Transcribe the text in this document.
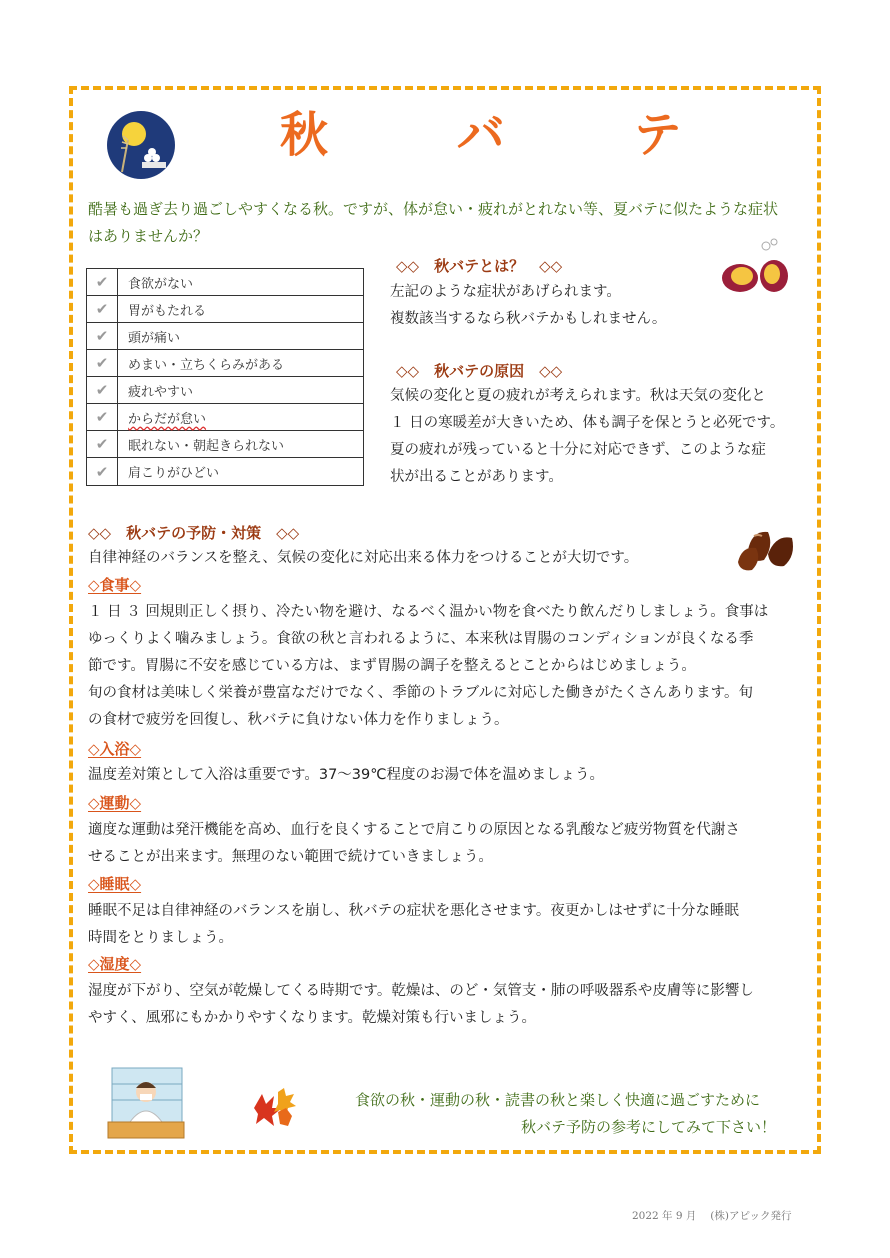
秋 バ テ
酷暑も過ぎ去り過ごしやすくなる秋。ですが、体が怠い・疲れがとれない等、夏バテに似たような症状
はありませんか？
✔	食欲がない
✔	胃がもたれる
✔	頭が痛い
✔	めまい・立ちくらみがある
✔	疲れやすい
✔	からだが怠い
✔	眠れない・朝起きられない
✔	肩こりがひどい
◇◇　秋バテとは？　◇◇
左記のような症状があげられます。
複数該当するなら秋バテかもしれません。
◇◇　秋バテの原因　◇◇
気候の変化と夏の疲れが考えられます。秋は天気の変化と
１ 日の寒暖差が大きいため、体も調子を保とうと必死です。
夏の疲れが残っていると十分に対応できず、このような症
状が出ることがあります。
◇◇　秋バテの予防・対策　◇◇
自律神経のバランスを整え、気候の変化に対応出来る体力をつけることが大切です。
◇食事◇
１ 日 ３ 回規則正しく摂り、冷たい物を避け、なるべく温かい物を食べたり飲んだりしましょう。食事は
ゆっくりよく噛みましょう。食欲の秋と言われるように、本来秋は胃腸のコンディションが良くなる季
節です。胃腸に不安を感じている方は、まず胃腸の調子を整えるとことからはじめましょう。
旬の食材は美味しく栄養が豊富なだけでなく、季節のトラブルに対応した働きがたくさんあります。旬
の食材で疲労を回復し、秋バテに負けない体力を作りましょう。
◇入浴◇
温度差対策として入浴は重要です。37～39℃程度のお湯で体を温めましょう。
◇運動◇
適度な運動は発汗機能を高め、血行を良くすることで肩こりの原因となる乳酸など疲労物質を代謝さ
せることが出来ます。無理のない範囲で続けていきましょう。
◇睡眠◇
睡眠不足は自律神経のバランスを崩し、秋バテの症状を悪化させます。夜更かしはせずに十分な睡眠
時間をとりましょう。
◇湿度◇
湿度が下がり、空気が乾燥してくる時期です。乾燥は、のど・気管支・肺の呼吸器系や皮膚等に影響し
やすく、風邪にもかかりやすくなります。乾燥対策も行いましょう。
食欲の秋・運動の秋・読書の秋と楽しく快適に過ごすために
秋バテ予防の参考にしてみて下さい！
2022 年 9 月　 (株)アピック発行
